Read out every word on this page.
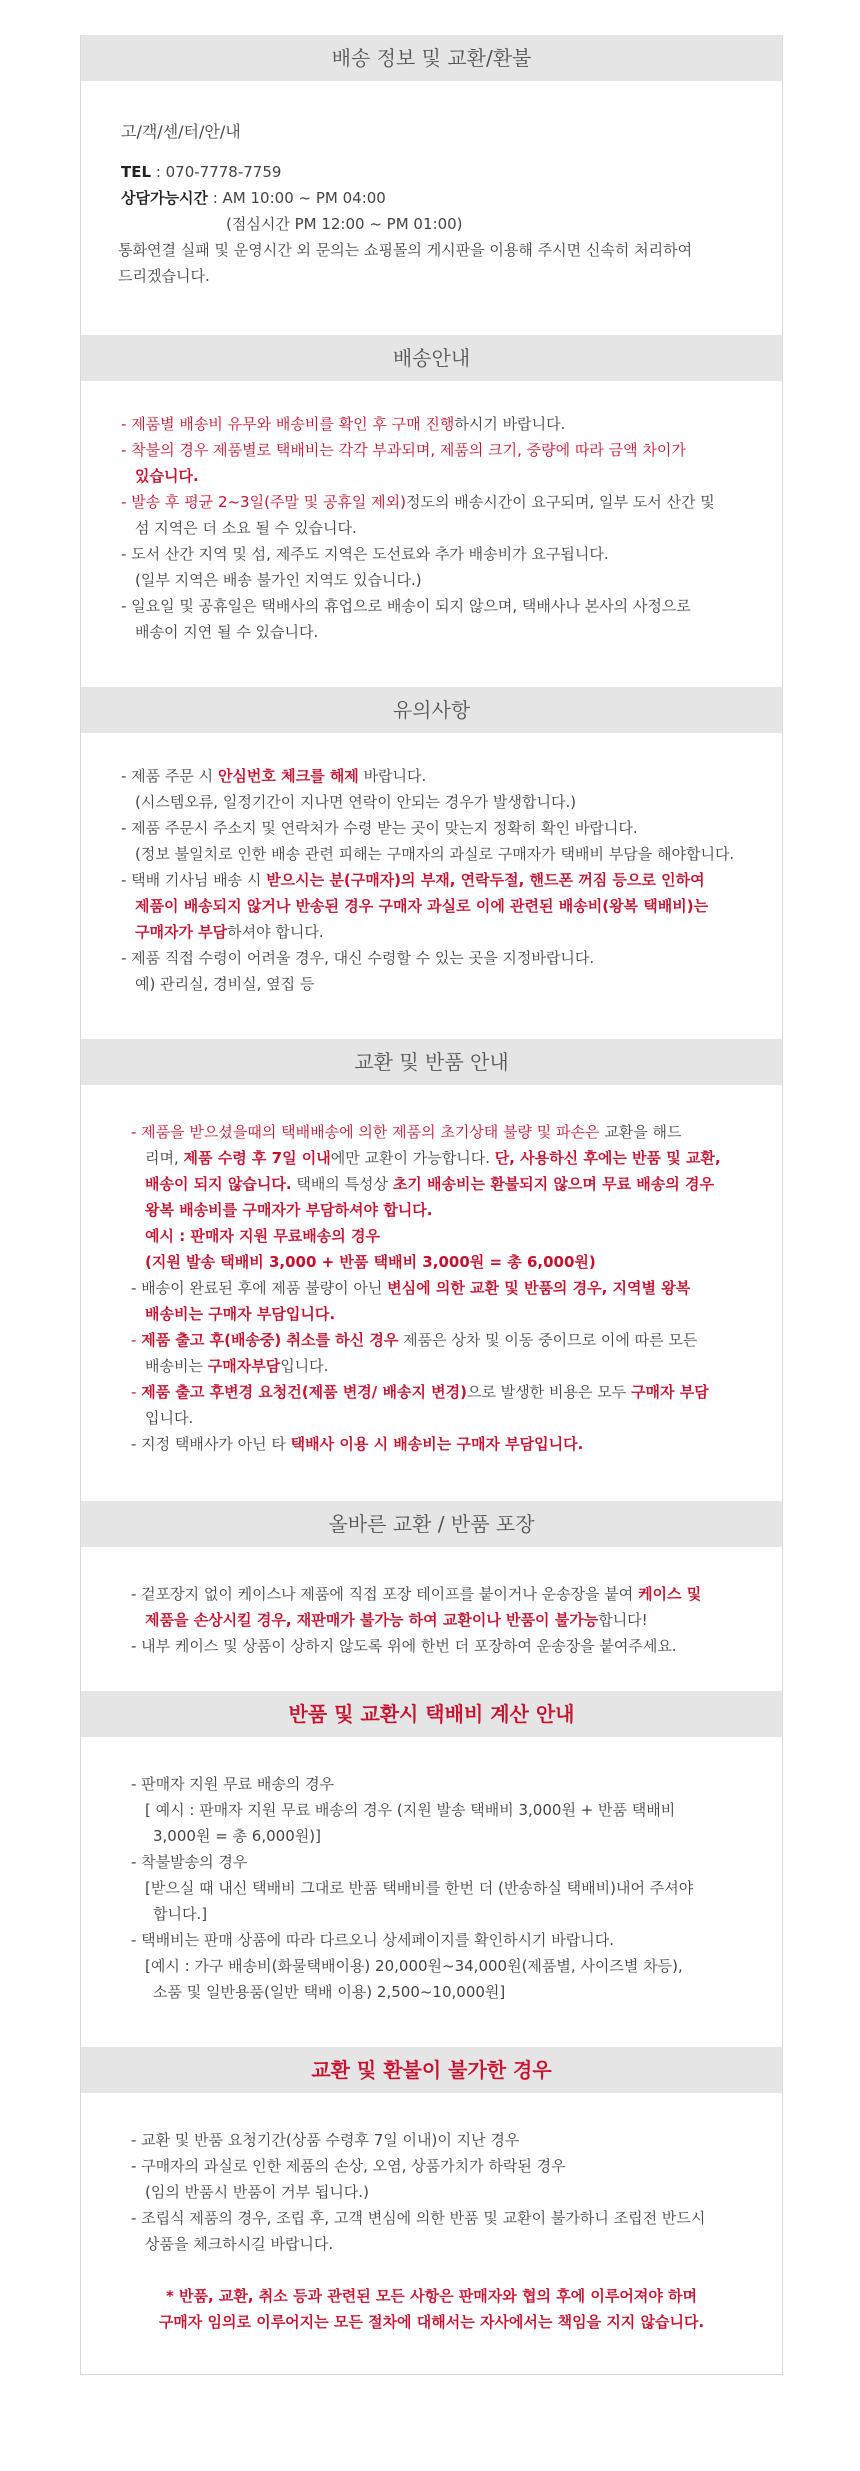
배송 정보 및 교환/환불

고/객/센/터/안/내

TEL : 070-7778-7759

상담가능시간 : AM 10:00 ~ PM 04:00

(점심시간 PM 12:00 ~ PM 01:00)

통화연결 실패 및 운영시간 외 문의는 쇼핑몰의 게시판을 이용해 주시면 신속히 처리하여

드리겠습니다.

배송안내

- 제품별 배송비 유무와 배송비를 확인 후 구매 진행하시기 바랍니다.

- 착불의 경우 제품별로 택배비는 각각 부과되며, 제품의 크기, 중량에 따라 금액 차이가

있습니다.

- 발송 후 평균 2~3일(주말 및 공휴일 제외)정도의 배송시간이 요구되며, 일부 도서 산간 및

섬 지역은 더 소요 될 수 있습니다.

- 도서 산간 지역 및 섬, 제주도 지역은 도선료와 추가 배송비가 요구됩니다.

(일부 지역은 배송 불가인 지역도 있습니다.)

- 일요일 및 공휴일은 택배사의 휴업으로 배송이 되지 않으며, 택배사나 본사의 사정으로

배송이 지연 될 수 있습니다.

유의사항

- 제품 주문 시 안심번호 체크를 해제 바랍니다.

(시스템오류, 일정기간이 지나면 연락이 안되는 경우가 발생합니다.)

- 제품 주문시 주소지 및 연락처가 수령 받는 곳이 맞는지 정확히 확인 바랍니다.

(정보 불일치로 인한 배송 관련 피해는 구매자의 과실로 구매자가 택배비 부담을 해야합니다.

- 택배 기사님 배송 시 받으시는 분(구매자)의 부재, 연락두절, 핸드폰 꺼짐 등으로 인하여

제품이 배송되지 않거나 반송된 경우 구매자 과실로 이에 관련된 배송비(왕복 택배비)는

구매자가 부담하셔야 합니다.

- 제품 직접 수령이 어려울 경우, 대신 수령할 수 있는 곳을 지정바랍니다.

예) 관리실, 경비실, 옆집 등

교환 및 반품 안내

- 제품을 받으셨을때의 택배배송에 의한 제품의 초기상태 불량 및 파손은 교환을 해드

리며, 제품 수령 후 7일 이내에만 교환이 가능합니다. 단, 사용하신 후에는 반품 및 교환,

배송이 되지 않습니다. 택배의 특성상 초기 배송비는 환불되지 않으며 무료 배송의 경우

왕복 배송비를 구매자가 부담하셔야 합니다.

예시 : 판매자 지원 무료배송의 경우

(지원 발송 택배비 3,000 + 반품 택배비 3,000원 = 총 6,000원)

- 배송이 완료된 후에 제품 불량이 아닌 변심에 의한 교환 및 반품의 경우, 지역별 왕복

배송비는 구매자 부담입니다.

- 제품 출고 후(배송중) 취소를 하신 경우 제품은 상차 및 이동 중이므로 이에 따른 모든

배송비는 구매자부담입니다.

- 제품 출고 후변경 요청건(제품 변경/ 배송지 변경)으로 발생한 비용은 모두 구매자 부담

입니다.

- 지정 택배사가 아닌 타 택배사 이용 시 배송비는 구매자 부담입니다.

올바른 교환 / 반품 포장

- 겉포장지 없이 케이스나 제품에 직접 포장 테이프를 붙이거나 운송장을 붙여 케이스 및

제품을 손상시킬 경우, 재판매가 불가능 하여 교환이나 반품이 불가능합니다!

- 내부 케이스 및 상품이 상하지 않도록 위에 한번 더 포장하여 운송장을 붙여주세요.

반품 및 교환시 택배비 계산 안내

- 판매자 지원 무료 배송의 경우

[ 예시 : 판매자 지원 무료 배송의 경우 (지원 발송 택배비 3,000원 + 반품 택배비

3,000원 = 총 6,000원)]

- 착불발송의 경우

[받으실 때 내신 택배비 그대로 반품 택배비를 한번 더 (반송하실 택배비)내어 주셔야

합니다.]

- 택배비는 판매 상품에 따라 다르오니 상세페이지를 확인하시기 바랍니다.

[예시 : 가구 배송비(화물택배이용) 20,000원~34,000원(제품별, 사이즈별 차등),

소품 및 일반용품(일반 택배 이용) 2,500~10,000원]

교환 및 환불이 불가한 경우

- 교환 및 반품 요청기간(상품 수령후 7일 이내)이 지난 경우

- 구매자의 과실로 인한 제품의 손상, 오염, 상품가치가 하락된 경우

(임의 반품시 반품이 거부 됩니다.)

- 조립식 제품의 경우, 조립 후, 고객 변심에 의한 반품 및 교환이 불가하니 조립전 반드시

상품을 체크하시길 바랍니다.

* 반품, 교환, 취소 등과 관련된 모든 사항은 판매자와 협의 후에 이루어져야 하며

구매자 임의로 이루어지는 모든 절차에 대해서는 자사에서는 책임을 지지 않습니다.
